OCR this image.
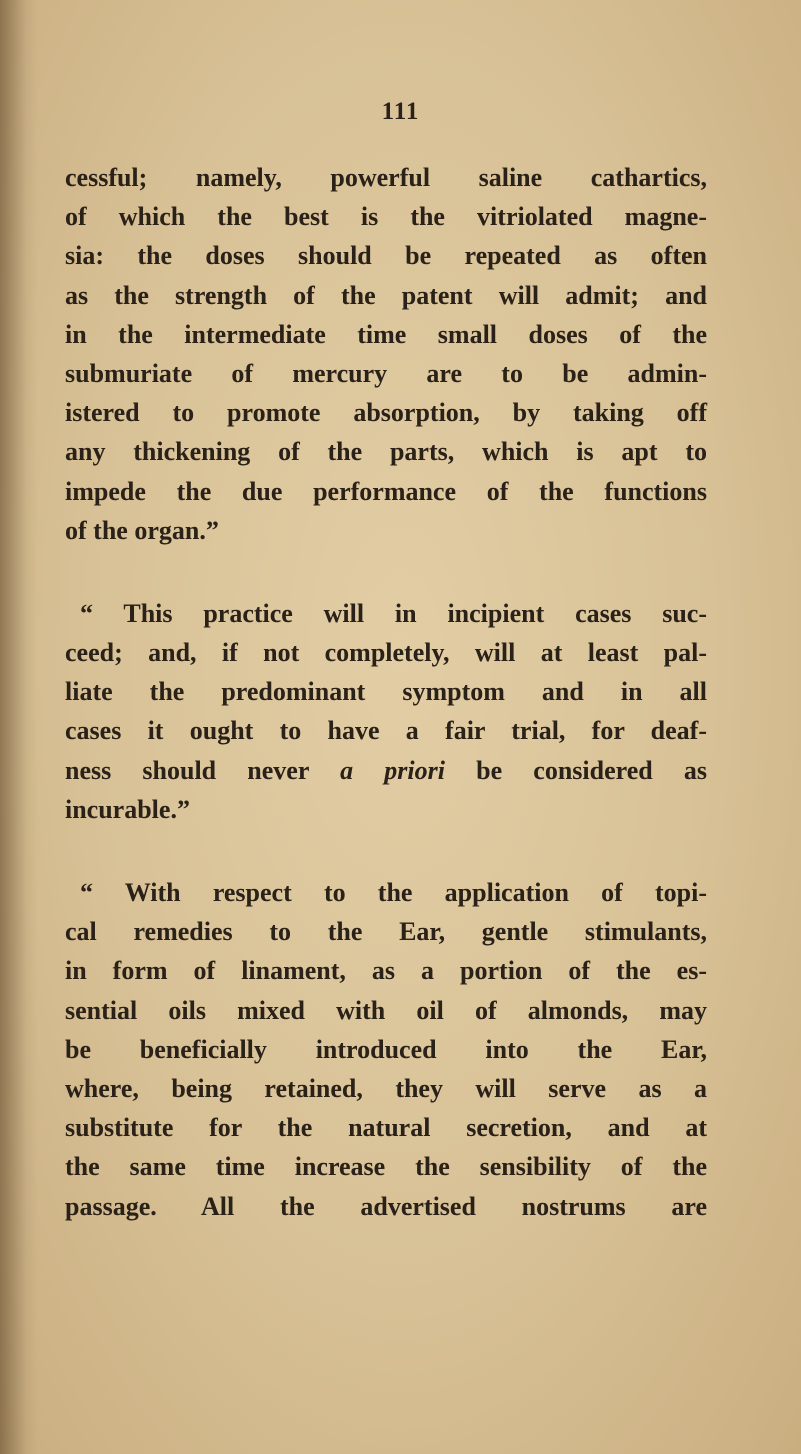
111
cessful; namely, powerful saline cathartics,
of which the best is the vitriolated magne-
sia: the doses should be repeated as often
as the strength of the patent will admit; and
in the intermediate time small doses of the
submuriate of mercury are to be admin-
istered to promote absorption, by taking off
any thickening of the parts, which is apt to
impede the due performance of the functions
of the organ.”
“ This practice will in incipient cases suc-
ceed; and, if not completely, will at least pal-
liate the predominant symptom and in all
cases it ought to have a fair trial, for deaf-
ness should never a priori be considered as
incurable.”
“ With respect to the application of topi-
cal remedies to the Ear, gentle stimulants,
in form of linament, as a portion of the es-
sential oils mixed with oil of almonds, may
be beneficially introduced into the Ear,
where, being retained, they will serve as a
substitute for the natural secretion, and at
the same time increase the sensibility of the
passage. All the advertised nostrums are
